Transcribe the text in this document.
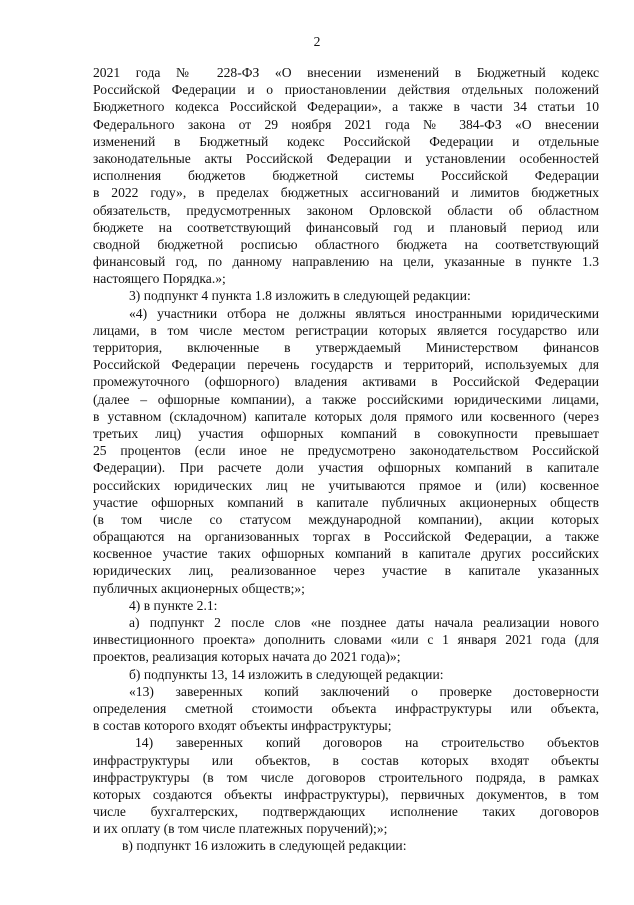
2
2021 года № 228-ФЗ «О внесении изменений в Бюджетный кодекс
Российской Федерации и о приостановлении действия отдельных положений
Бюджетного кодекса Российской Федерации», а также в части 34 статьи 10
Федерального закона от 29 ноября 2021 года № 384-ФЗ «О внесении
изменений в Бюджетный кодекс Российской Федерации и отдельные
законодательные акты Российской Федерации и установлении особенностей
исполнения бюджетов бюджетной системы Российской Федерации
в 2022 году», в пределах бюджетных ассигнований и лимитов бюджетных
обязательств, предусмотренных законом Орловской области об областном
бюджете на соответствующий финансовый год и плановый период или
сводной бюджетной росписью областного бюджета на соответствующий
финансовый год, по данному направлению на цели, указанные в пункте 1.3
настоящего Порядка.»;
3) подпункт 4 пункта 1.8 изложить в следующей редакции:
«4) участники отбора не должны являться иностранными юридическими
лицами, в том числе местом регистрации которых является государство или
территория, включенные в утверждаемый Министерством финансов
Российской Федерации перечень государств и территорий, используемых для
промежуточного (офшорного) владения активами в Российской Федерации
(далее – офшорные компании), а также российскими юридическими лицами,
в уставном (складочном) капитале которых доля прямого или косвенного (через
третьих лиц) участия офшорных компаний в совокупности превышает
25 процентов (если иное не предусмотрено законодательством Российской
Федерации). При расчете доли участия офшорных компаний в капитале
российских юридических лиц не учитываются прямое и (или) косвенное
участие офшорных компаний в капитале публичных акционерных обществ
(в том числе со статусом международной компании), акции которых
обращаются на организованных торгах в Российской Федерации, а также
косвенное участие таких офшорных компаний в капитале других российских
юридических лиц, реализованное через участие в капитале указанных
публичных акционерных обществ;»;
4) в пункте 2.1:
а) подпункт 2 после слов «не позднее даты начала реализации нового
инвестиционного проекта» дополнить словами «или с 1 января 2021 года (для
проектов, реализация которых начата до 2021 года)»;
б) подпункты 13, 14 изложить в следующей редакции:
«13) заверенных копий заключений о проверке достоверности
определения сметной стоимости объекта инфраструктуры или объекта,
в состав которого входят объекты инфраструктуры;
14) заверенных копий договоров на строительство объектов
инфраструктуры или объектов, в состав которых входят объекты
инфраструктуры (в том числе договоров строительного подряда, в рамках
которых создаются объекты инфраструктуры), первичных документов, в том
числе бухгалтерских, подтверждающих исполнение таких договоров
и их оплату (в том числе платежных поручений);»;
в) подпункт 16 изложить в следующей редакции:
